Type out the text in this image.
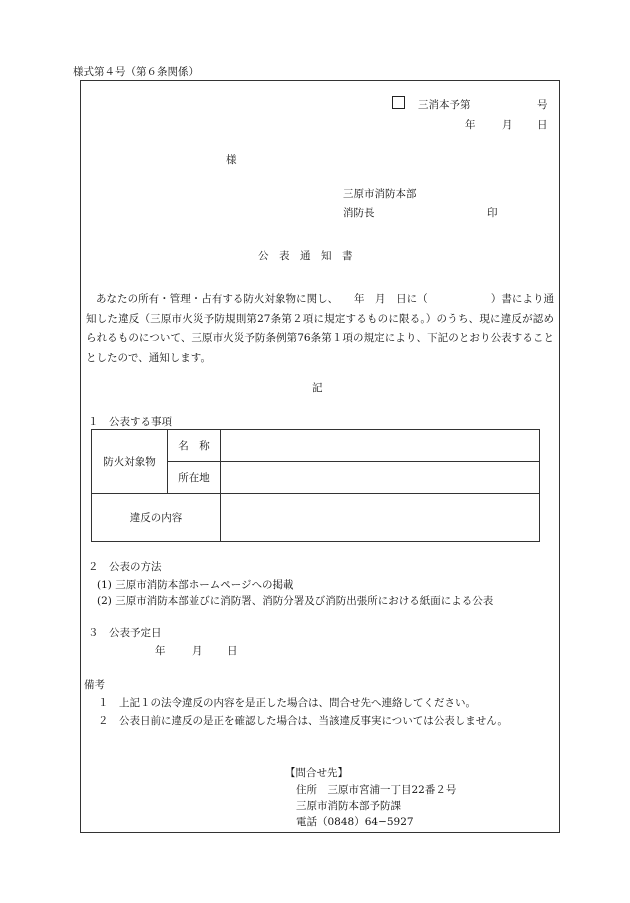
様式第４号（第６条関係）
三消本予第	号
年	月 日
様
三原市消防本部
消防長	印
公　表　通　知　書
あなたの所有・管理・占有する防火対象物に関し、　　年　月　日に（　　　　　　）書により通知した違反（三原市火災予防規則第27条第２項に規定するものに限る。）のうち、現に違反が認められるものについて、三原市火災予防条例第76条第１項の規定により、下記のとおり公表することとしたので、通知します。
記
１　公表する事項
防火対象物	名　称	
	所在地	
違反の内容		
２　公表の方法
(1) 三原市消防本部ホームページへの掲載
(2) 三原市消防本部並びに消防署、消防分署及び消防出張所における紙面による公表
３　公表予定日
年	月 日
備考
１　上記１の法令違反の内容を是正した場合は、問合せ先へ連絡してください。
２　公表日前に違反の是正を確認した場合は、当該違反事実については公表しません。
【問合せ先】
住所　三原市宮浦一丁目22番２号
三原市消防本部予防課
電話（0848）64−5927
